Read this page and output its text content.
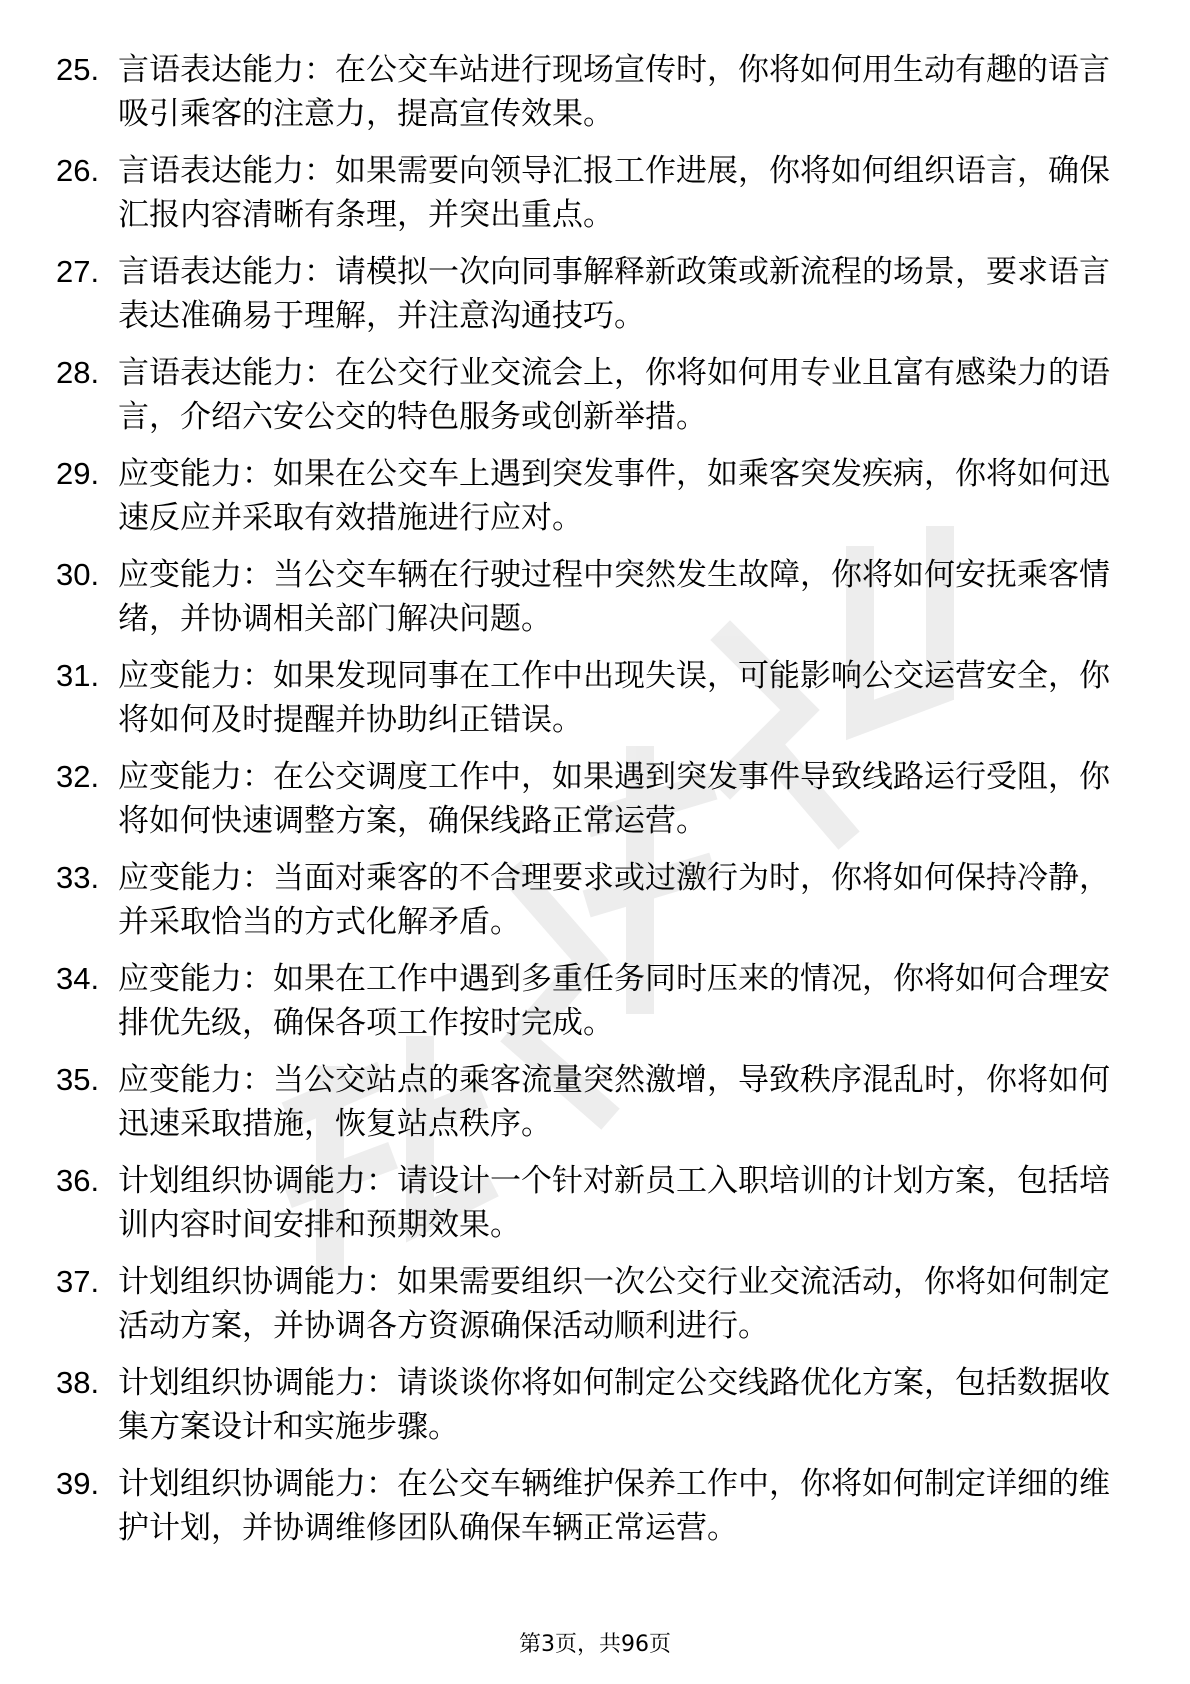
25. 言语表达能力：在公交车站进行现场宣传时，你将如何用生动有趣的语言吸引乘客的注意力，提高宣传效果。
26. 言语表达能力：如果需要向领导汇报工作进展，你将如何组织语言，确保汇报内容清晰有条理，并突出重点。
27. 言语表达能力：请模拟一次向同事解释新政策或新流程的场景，要求语言表达准确易于理解，并注意沟通技巧。
28. 言语表达能力：在公交行业交流会上，你将如何用专业且富有感染力的语言，介绍六安公交的特色服务或创新举措。
29. 应变能力：如果在公交车上遇到突发事件，如乘客突发疾病，你将如何迅速反应并采取有效措施进行应对。
30. 应变能力：当公交车辆在行驶过程中突然发生故障，你将如何安抚乘客情绪，并协调相关部门解决问题。
31. 应变能力：如果发现同事在工作中出现失误，可能影响公交运营安全，你将如何及时提醒并协助纠正错误。
32. 应变能力：在公交调度工作中，如果遇到突发事件导致线路运行受阻，你将如何快速调整方案，确保线路正常运营。
33. 应变能力：当面对乘客的不合理要求或过激行为时，你将如何保持冷静，并采取恰当的方式化解矛盾。
34. 应变能力：如果在工作中遇到多重任务同时压来的情况，你将如何合理安排优先级，确保各项工作按时完成。
35. 应变能力：当公交站点的乘客流量突然激增，导致秩序混乱时，你将如何迅速采取措施，恢复站点秩序。
36. 计划组织协调能力：请设计一个针对新员工入职培训的计划方案，包括培训内容时间安排和预期效果。
37. 计划组织协调能力：如果需要组织一次公交行业交流活动，你将如何制定活动方案，并协调各方资源确保活动顺利进行。
38. 计划组织协调能力：请谈谈你将如何制定公交线路优化方案，包括数据收集方案设计和实施步骤。
39. 计划组织协调能力：在公交车辆维护保养工作中，你将如何制定详细的维护计划，并协调维修团队确保车辆正常运营。
第3页，共96页
